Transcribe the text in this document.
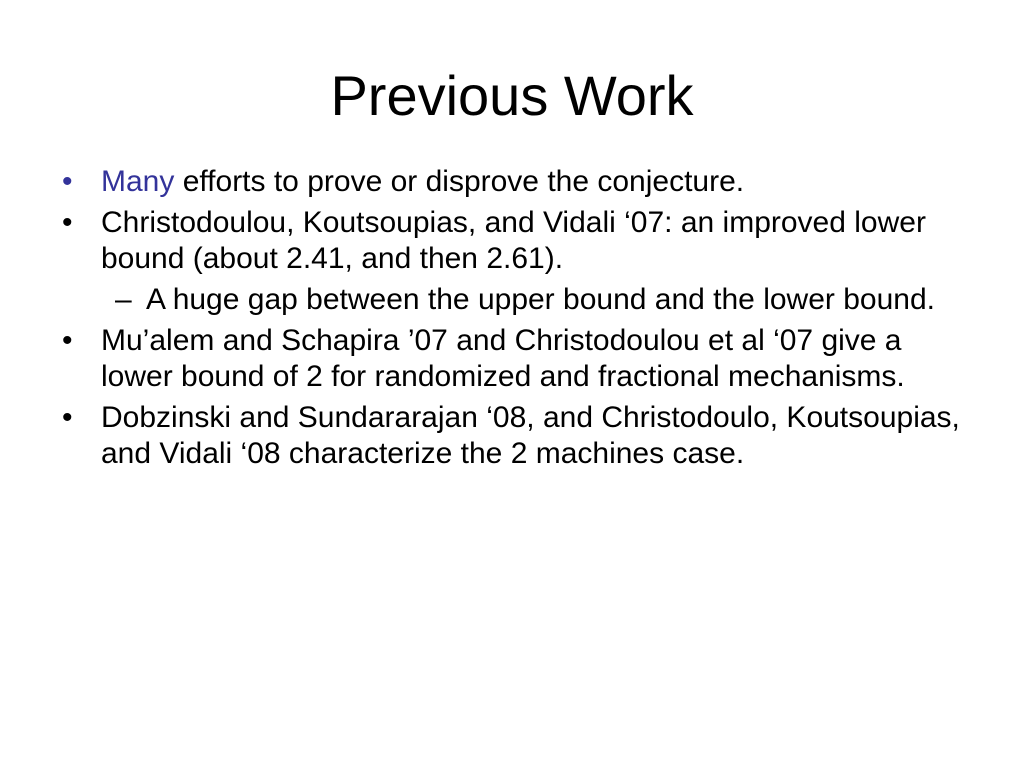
Previous Work
• Many efforts to prove or disprove the conjecture.
• Christodoulou, Koutsoupias, and Vidali ‘07: an improved lower bound (about 2.41, and then 2.61).
– A huge gap between the upper bound and the lower bound.
• Mu’alem and Schapira ’07 and Christodoulou et al ‘07 give a lower bound of 2 for randomized and fractional mechanisms.
• Dobzinski and Sundararajan ‘08, and Christodoulo, Koutsoupias, and Vidali ‘08 characterize the 2 machines case.
